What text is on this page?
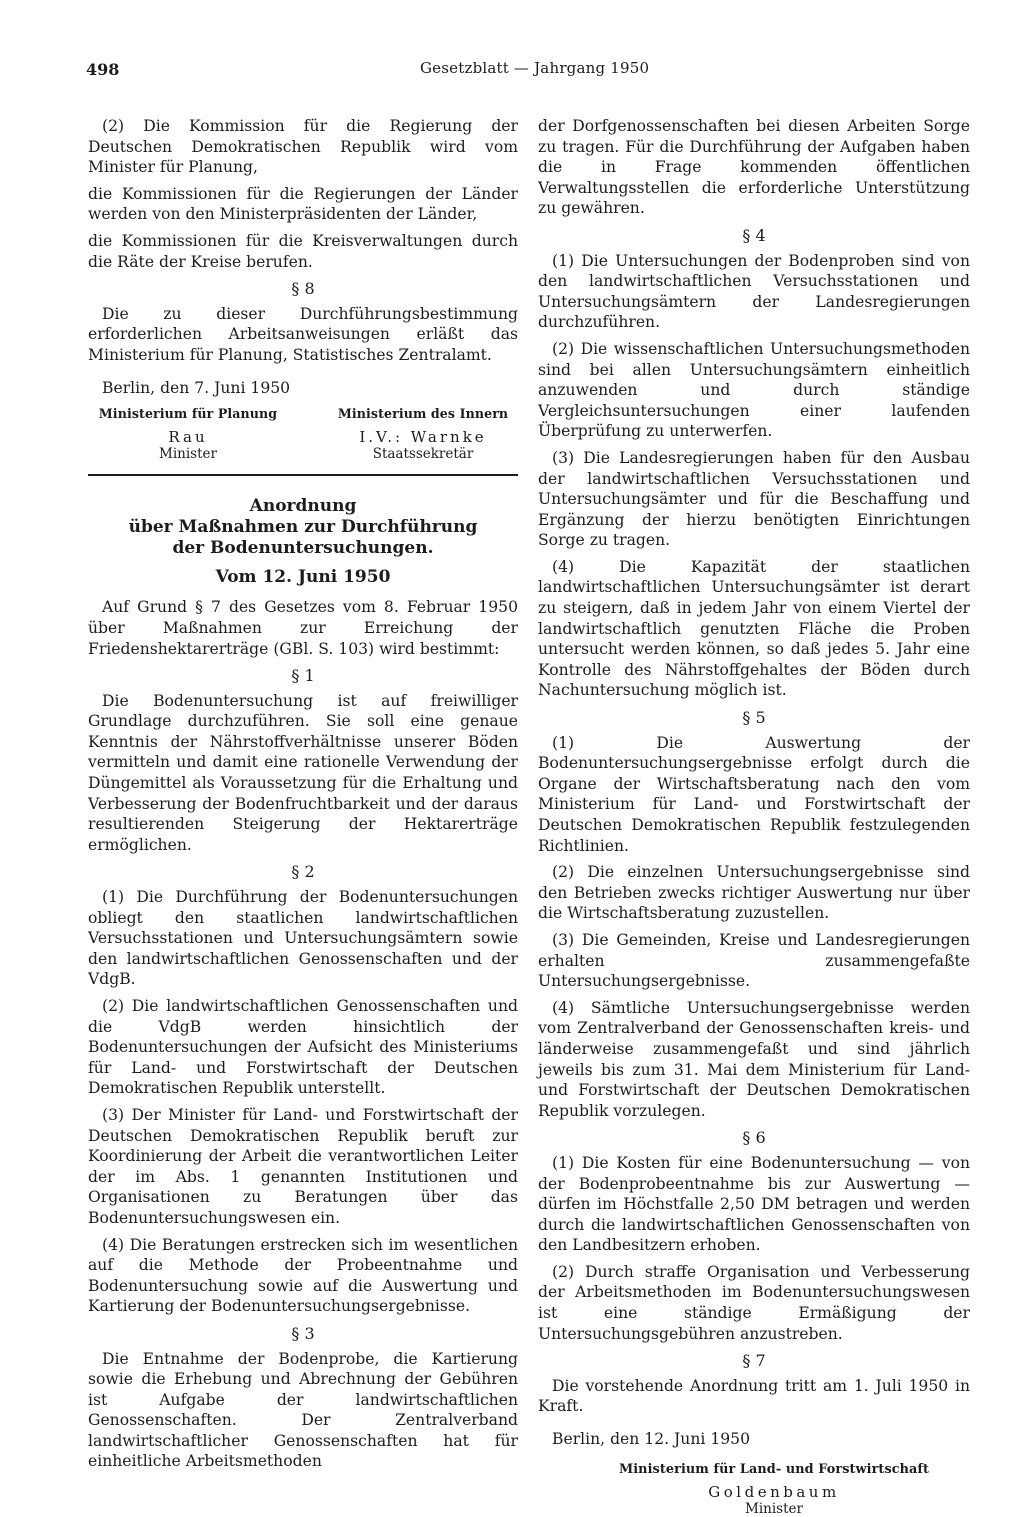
498	Gesetzblatt — Jahrgang 1950

(2) Die Kommission für die Regierung der Deutschen Demokratischen Republik wird vom Minister für Planung,

die Kommissionen für die Regierungen der Länder werden von den Ministerpräsidenten der Länder,

die Kommissionen für die Kreisverwaltungen durch die Räte der Kreise berufen.

§ 8

Die zu dieser Durchführungsbestimmung erforderlichen Arbeitsanweisungen erläßt das Ministerium für Planung, Statistisches Zentralamt.

Berlin, den 7. Juni 1950
Ministerium für Planung
Rau
Minister
Ministerium des Innern
I.V.: Warnke
Staatssekretär
Anordnung
über Maßnahmen zur Durchführung
der Bodenuntersuchungen.
Vom 12. Juni 1950

Auf Grund § 7 des Gesetzes vom 8. Februar 1950 über Maßnahmen zur Erreichung der Friedenshektarerträge (GBl. S. 103) wird bestimmt:

§ 1

Die Bodenuntersuchung ist auf freiwilliger Grundlage durchzuführen. Sie soll eine genaue Kenntnis der Nährstoffverhältnisse unserer Böden vermitteln und damit eine rationelle Verwendung der Düngemittel als Voraussetzung für die Erhaltung und Verbesserung der Bodenfruchtbarkeit und der daraus resultierenden Steigerung der Hektarerträge ermöglichen.

§ 2

(1) Die Durchführung der Bodenuntersuchungen obliegt den staatlichen landwirtschaftlichen Versuchsstationen und Untersuchungsämtern sowie den landwirtschaftlichen Genossenschaften und der VdgB.

(2) Die landwirtschaftlichen Genossenschaften und die VdgB werden hinsichtlich der Bodenuntersuchungen der Aufsicht des Ministeriums für Land- und Forstwirtschaft der Deutschen Demokratischen Republik unterstellt.

(3) Der Minister für Land- und Forstwirtschaft der Deutschen Demokratischen Republik beruft zur Koordinierung der Arbeit die verantwortlichen Leiter der im Abs. 1 genannten Institutionen und Organisationen zu Beratungen über das Bodenuntersuchungswesen ein.

(4) Die Beratungen erstrecken sich im wesentlichen auf die Methode der Probeentnahme und Bodenuntersuchung sowie auf die Auswertung und Kartierung der Bodenuntersuchungsergebnisse.

§ 3

Die Entnahme der Bodenprobe, die Kartierung sowie die Erhebung und Abrechnung der Gebühren ist Aufgabe der landwirtschaftlichen Genossenschaften. Der Zentralverband landwirtschaftlicher Genossenschaften hat für einheitliche Arbeitsmethoden

der Dorfgenossenschaften bei diesen Arbeiten Sorge zu tragen. Für die Durchführung der Aufgaben haben die in Frage kommenden öffentlichen Verwaltungsstellen die erforderliche Unterstützung zu gewähren.

§ 4

(1) Die Untersuchungen der Bodenproben sind von den landwirtschaftlichen Versuchsstationen und Untersuchungsämtern der Landesregierungen durchzuführen.

(2) Die wissenschaftlichen Untersuchungsmethoden sind bei allen Untersuchungsämtern einheitlich anzuwenden und durch ständige Vergleichsuntersuchungen einer laufenden Überprüfung zu unterwerfen.

(3) Die Landesregierungen haben für den Ausbau der landwirtschaftlichen Versuchsstationen und Untersuchungsämter und für die Beschaffung und Ergänzung der hierzu benötigten Einrichtungen Sorge zu tragen.

(4) Die Kapazität der staatlichen landwirtschaftlichen Untersuchungsämter ist derart zu steigern, daß in jedem Jahr von einem Viertel der landwirtschaftlich genutzten Fläche die Proben untersucht werden können, so daß jedes 5. Jahr eine Kontrolle des Nährstoffgehaltes der Böden durch Nachuntersuchung möglich ist.

§ 5

(1) Die Auswertung der Bodenuntersuchungsergebnisse erfolgt durch die Organe der Wirtschaftsberatung nach den vom Ministerium für Land- und Forstwirtschaft der Deutschen Demokratischen Republik festzulegenden Richtlinien.

(2) Die einzelnen Untersuchungsergebnisse sind den Betrieben zwecks richtiger Auswertung nur über die Wirtschaftsberatung zuzustellen.

(3) Die Gemeinden, Kreise und Landesregierungen erhalten zusammengefaßte Untersuchungsergebnisse.

(4) Sämtliche Untersuchungsergebnisse werden vom Zentralverband der Genossenschaften kreis- und länderweise zusammengefaßt und sind jährlich jeweils bis zum 31. Mai dem Ministerium für Land- und Forstwirtschaft der Deutschen Demokratischen Republik vorzulegen.

§ 6

(1) Die Kosten für eine Bodenuntersuchung — von der Bodenprobeentnahme bis zur Auswertung — dürfen im Höchstfalle 2,50 DM betragen und werden durch die landwirtschaftlichen Genossenschaften von den Landbesitzern erhoben.

(2) Durch straffe Organisation und Verbesserung der Arbeitsmethoden im Bodenuntersuchungswesen ist eine ständige Ermäßigung der Untersuchungsgebühren anzustreben.

§ 7

Die vorstehende Anordnung tritt am 1. Juli 1950 in Kraft.

Berlin, den 12. Juni 1950
Ministerium für Land- und Forstwirtschaft
Goldenbaum
Minister
